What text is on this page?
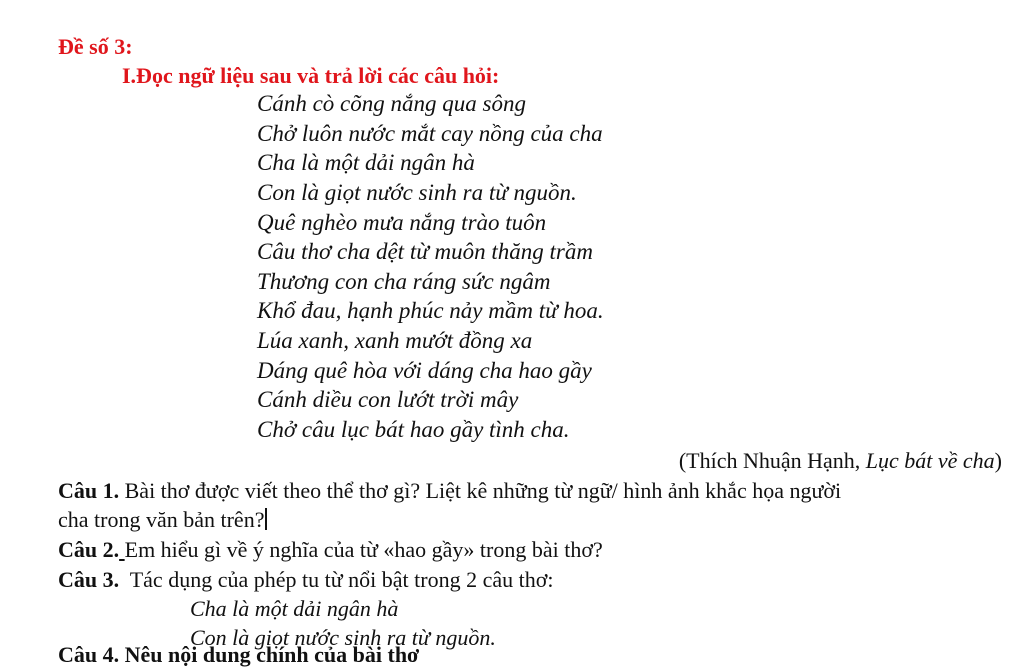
Đề số 3:
I.Đọc ngữ liệu sau và trả lời các câu hỏi:
Cánh cò cõng nắng qua sông
Chở luôn nước mắt cay nồng của cha
Cha là một dải ngân hà
Con là giọt nước sinh ra từ nguồn.
Quê nghèo mưa nắng trào tuôn
Câu thơ cha dệt từ muôn thăng trầm
Thương con cha ráng sức ngâm
Khổ đau, hạnh phúc nảy mầm từ hoa.
Lúa xanh, xanh mướt đồng xa
Dáng quê hòa với dáng cha hao gầy
Cánh diều con lướt trời mây
Chở câu lục bát hao gầy tình cha.
(Thích Nhuận Hạnh, Lục bát về cha)
Câu 1. Bài thơ được viết theo thể thơ gì? Liệt kê những từ ngữ/ hình ảnh khắc họa người
cha trong văn bản trên?
Câu 2. Em hiểu gì về ý nghĩa của từ «hao gầy» trong bài thơ?
Câu 3.  Tác dụng của phép tu từ nổi bật trong 2 câu thơ:
Cha là một dải ngân hà
Con là giọt nước sinh ra từ nguồn.
Câu 4. Nêu nội dung chính của bài thơ
